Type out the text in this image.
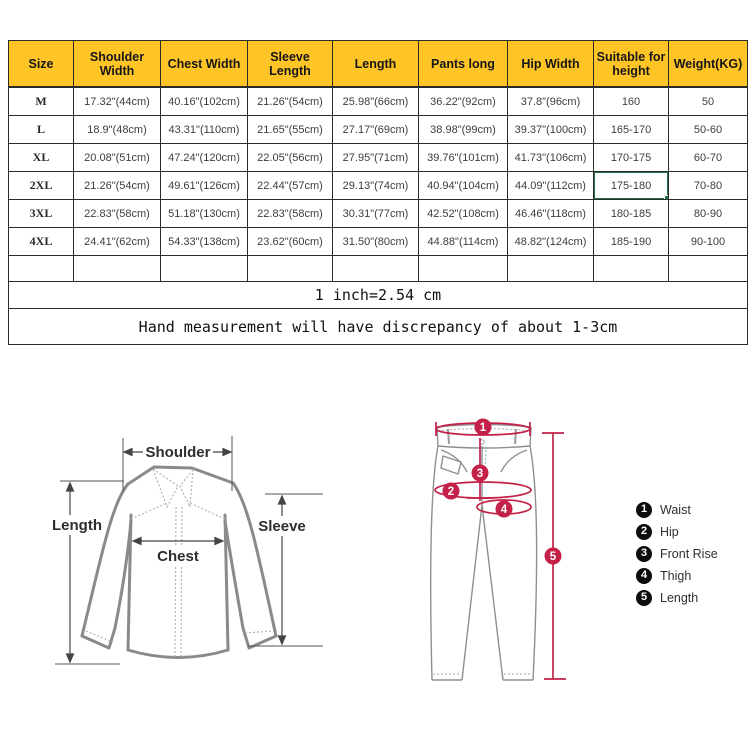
Size	Shoulder Width	Chest Width	Sleeve Length	Length	Pants long	Hip Width	Suitable for height	Weight(KG)
M	17.32"(44cm)	40.16"(102cm)	21.26"(54cm)	25.98"(66cm)	36.22"(92cm)	37.8"(96cm)	160	50
L	18.9"(48cm)	43.31"(110cm)	21.65"(55cm)	27.17"(69cm)	38.98"(99cm)	39.37"(100cm)	165-170	50-60
XL	20.08"(51cm)	47.24"(120cm)	22.05"(56cm)	27.95"(71cm)	39.76"(101cm)	41.73"(106cm)	170-175	60-70
2XL	21.26"(54cm)	49.61"(126cm)	22.44"(57cm)	29.13"(74cm)	40.94"(104cm)	44.09"(112cm)	175-180	70-80
3XL	22.83"(58cm)	51.18"(130cm)	22.83"(58cm)	30.31"(77cm)	42.52"(108cm)	46.46"(118cm)	180-185	80-90
4XL	24.41"(62cm)	54.33"(138cm)	23.62"(60cm)	31.50"(80cm)	44.88"(114cm)	48.82"(124cm)	185-190	90-100

1 inch=2.54 cm								
Hand measurement will have discrepancy of about 1-3cm								
Shoulder
Length	Sleeve
Chest
1
2
3
4
5
1	Waist
2	Hip
3	Front Rise
4	Thigh
5	Length
